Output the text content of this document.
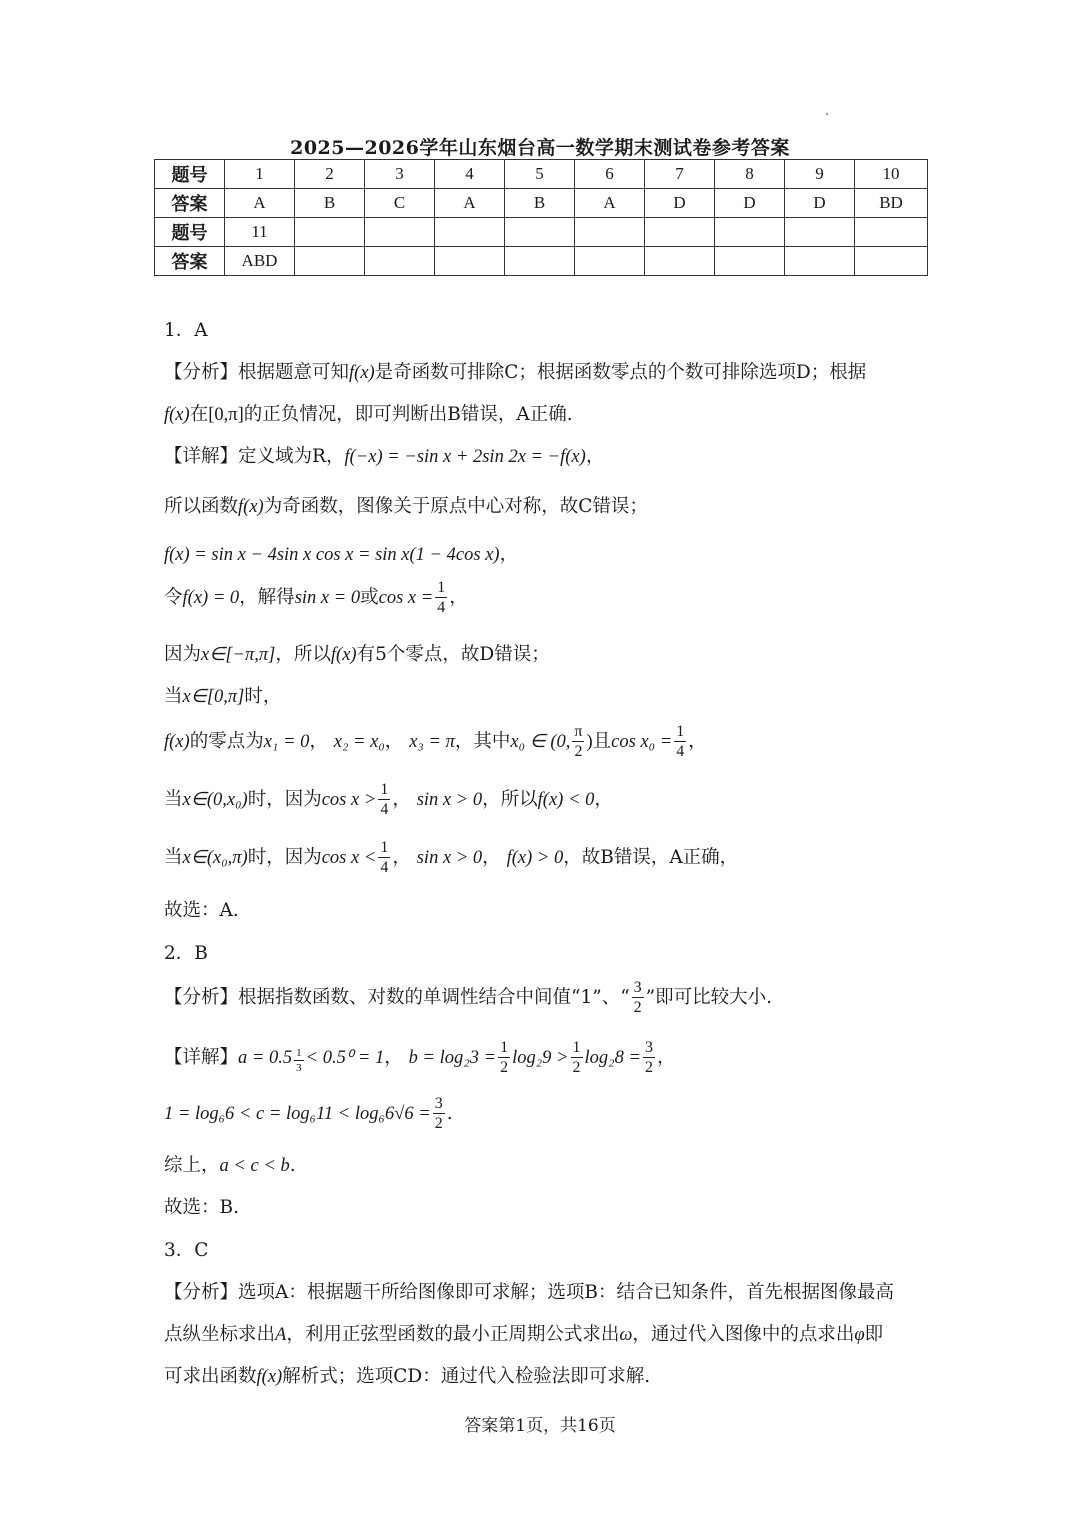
2025—2026学年山东烟台高一数学期末测试卷参考答案
题号	1	2	3	4	5	6	7	8	9	10
答案	A	B	C	A	B	A	D	D	D	BD
题号	11									
答案	ABD									
1．A
【分析】根据题意可知f(x)是奇函数可排除C；根据函数零点的个数可排除选项D；根据
f(x)在[0,π]的正负情况，即可判断出B错误，A正确.
【详解】定义域为R，f(−x) = −sin x + 2sin 2x = −f(x)，
所以函数f(x)为奇函数，图像关于原点中心对称，故C错误；
f(x) = sin x − 4sin x cos x = sin x(1 − 4cos x)，
令f(x) = 0，解得sin x = 0或$\cos x = \frac{1}{4}$ ，
因为x∈[−π,π]，所以f(x)有5个零点，故D错误；
当x∈[0,π]时，
f(x)的零点为x₁ = 0， x₂ = x₀， x₃ = π，其中x₀ ∈ (0, $\frac{\pi}{2}$ )且$\cos x_0 = \frac{1}{4}$ ，
当x∈(0,x₀)时，因为$\cos x > \frac{1}{4}$ ， sin x > 0，所以f(x) < 0，
当x∈(x₀,π)时，因为$\cos x < \frac{1}{4}$ ， sin x > 0， f(x) > 0，故B错误，A正确，
故选：A.
2．B
【分析】根据指数函数、对数的单调性结合中间值“1”、“ $\frac{3}{2}$ ”即可比较大小.
【详解】$a = 0.5 \frac{1}{3} < 0.5^0 = 1$， $b = \log_23 = \frac{1}{2} \log_29 > \frac{1}{2} \log_28 = \frac{3}{2}$ ，
$1 = \log_66 < c = \log_611 < \log_66√6 = \frac{3}{2}$ .
综上，a < c < b.
故选：B.
3．C
【分析】选项A：根据题干所给图像即可求解；选项B：结合已知条件，首先根据图像最高
点纵坐标求出A，利用正弦型函数的最小正周期公式求出ω，通过代入图像中的点求出φ即
可求出函数f(x)解析式；选项CD：通过代入检验法即可求解.
答案第1页，共16页
